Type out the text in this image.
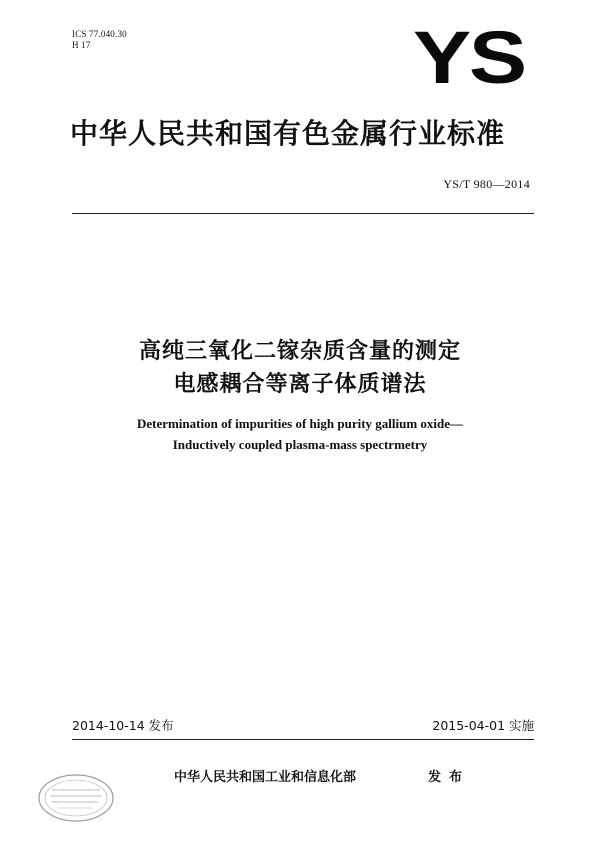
ICS 77.040.30
H 17	YS
中华人民共和国有色金属行业标准
YS/T 980—2014
高纯三氧化二镓杂质含量的测定
电感耦合等离子体质谱法
Determination of impurities of high purity gallium oxide—
Inductively coupled plasma-mass spectrmetry
2014-10-14 发布	2015-04-01 实施
中华人民共和国工业和信息化部	发布
